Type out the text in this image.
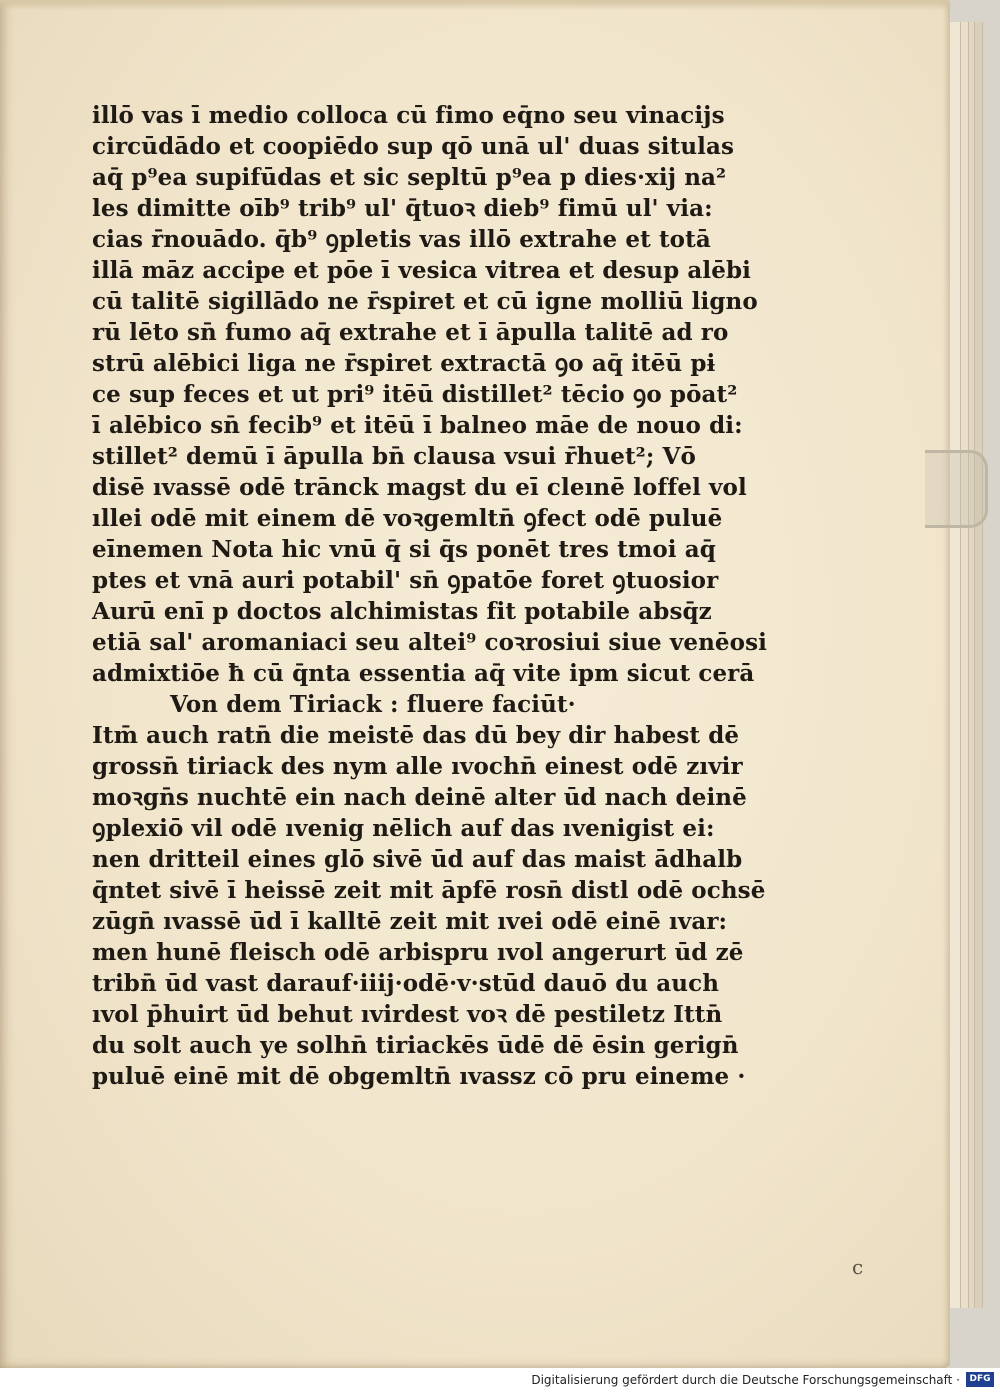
illō vas ī medio colloca cū fimo eq̄no seu vinacijs
circūdādo et coopiēdo sup qō unā ul' duas situlas
aq̄ p⁹ea supifūdas et sic sepltū p⁹ea p dies·xij na²
les dimitte oīb⁹ trib⁹ ul' q̄tuoꝛ dieb⁹ fimū ul' via:
cias r̄nouādo. q̄b⁹ ꝯpletis vas illō extrahe et totā
illā māz accipe et pōe ī vesica vitrea et desup alēbi
cū talitē sigillādo ne r̄spiret et cū igne molliū ligno
rū lēto sn̄ fumo aq̄ extrahe et ī āpulla talitē ad ro
strū alēbici liga ne r̄spiret extractā ꝯo aq̄ itēū pɨ
ce sup feces et ut pri⁹ itēū distillet² tēcio ꝯo pōat²
ī alēbico sn̄ fecib⁹ et itēū ī balneo māe de nouo di:
stillet² demū ī āpulla bn̄ clausa vsui r̄huet²; Vō
disē ıvassē odē trānck magst du eī cleınē loffel vol
ıllei odē mit einem dē voꝛgemltn̄ ꝯfect odē puluē
eīnemen Nota hic vnū q̄ si q̄s ponēt tres tmoi aq̄
ptes et vnā auri potabil' sn̄ ꝯpatōe foret ꝯtuosior
Aurū enī p doctos alchimistas fit potabile absq̄z
etiā sal' aromaniaci seu altei⁹ coꝛrosiui siue venēosi
admixtiōe ħ cū q̄nta essentia aq̄ vite ipm sicut cerā
Von dem Tiriack : fluere faciūt·
Itm̄ auch ratn̄ die meistē das dū bey dir habest dē
grossn̄ tiriack des nym alle ıvochn̄ einest odē zıvir
moꝛgn̄s nuchtē ein nach deinē alter ūd nach deinē
ꝯplexiō vil odē ıvenig nēlich auf das ıvenigist ei:
nen dritteil eines glō sivē ūd auf das maist ādhalb
q̄ntet sivē ī heissē zeit mit āpfē rosn̄ distl odē ochsē
zūgn̄ ıvassē ūd ī kalltē zeit mit ıvei odē einē ıvar:
men hunē fleisch odē arbispru ıvol angerurt ūd zē
tribn̄ ūd vast darauf·iiij·odē·v·stūd dauō du auch
ıvol p̄huirt ūd behut ıvirdest voꝛ dē pestiletz Ittn̄
du solt auch ye solhn̄ tiriackēs ūdē dē ēsin gerign̄
puluē einē mit dē obgemltn̄ ıvassz cō pru eineme ·
c
Digitalisierung gefördert durch die Deutsche Forschungsgemeinschaft ·	DFG
